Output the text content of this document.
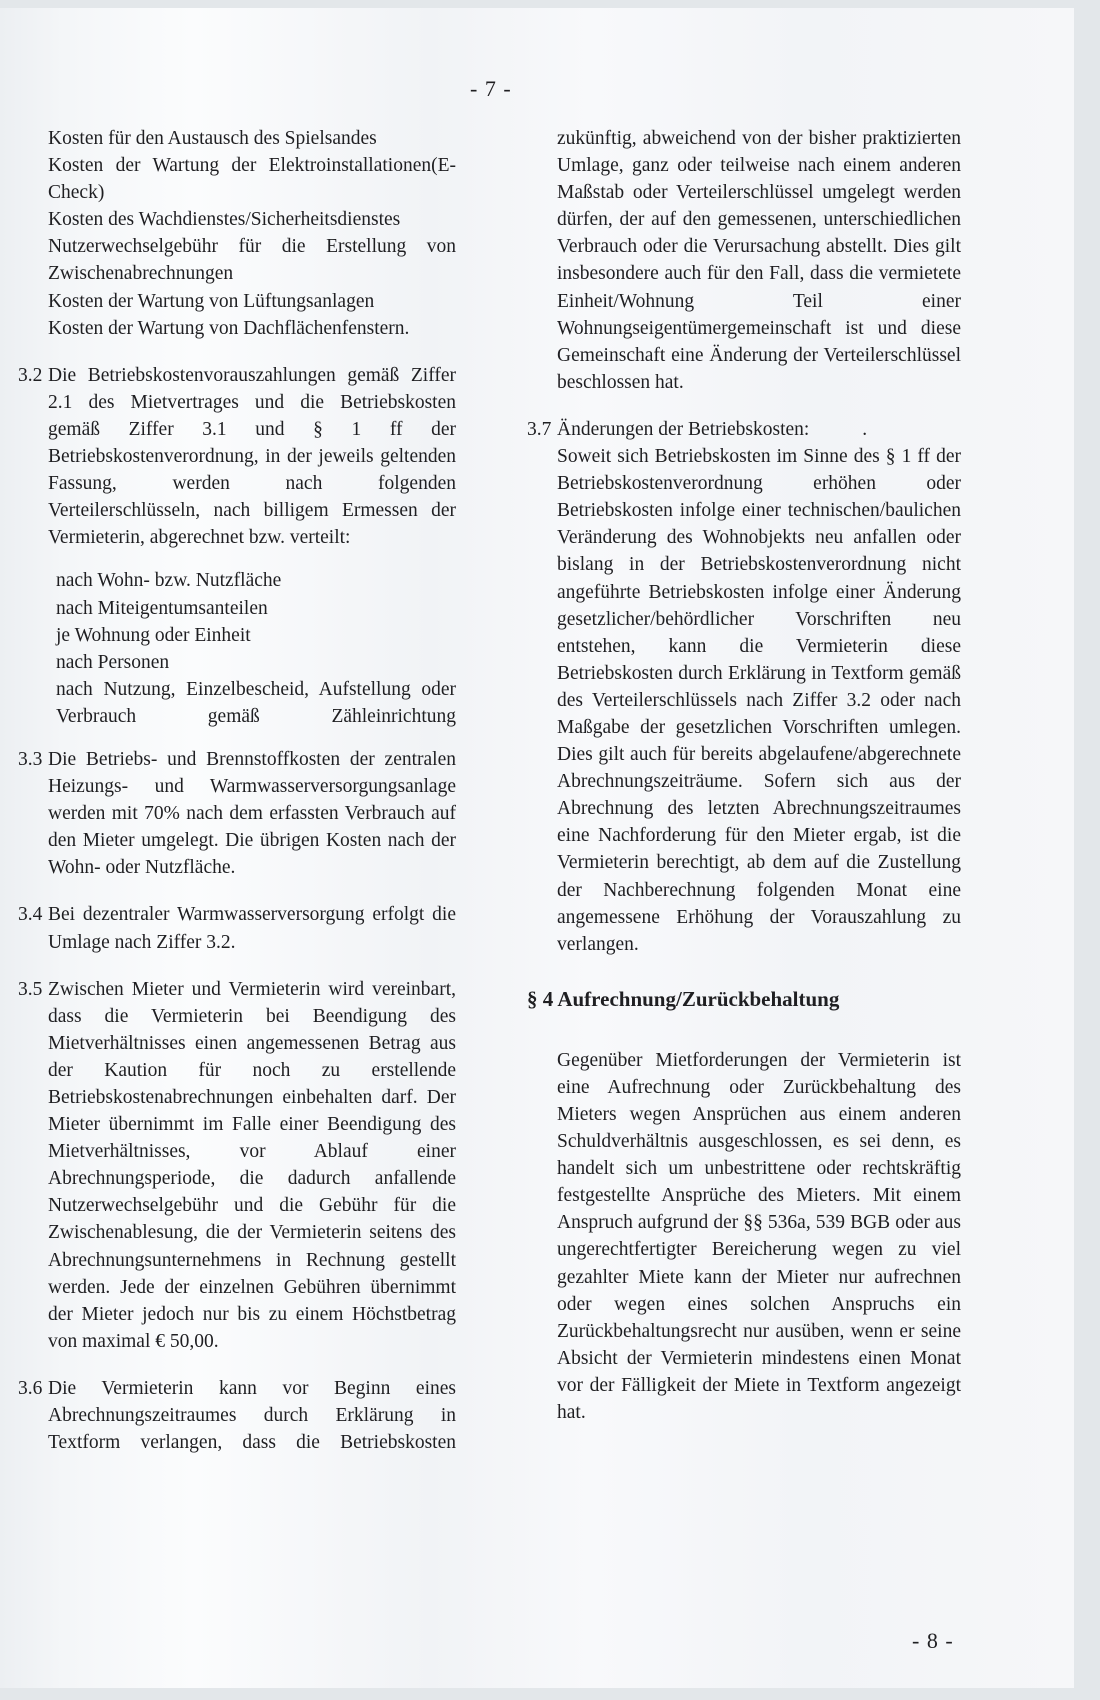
- 7 -
Kosten für den Austausch des Spielsandes
Kosten der Wartung der Elektroinstallationen(E-Check)
Kosten des Wachdienstes/Sicherheitsdienstes
Nutzerwechselgebühr für die Erstellung von Zwischenabrechnungen
Kosten der Wartung von Lüftungsanlagen
Kosten der Wartung von Dachflächenfenstern.
3.2 Die Betriebskostenvorauszahlungen gemäß Ziffer 2.1 des Mietvertrages und die Betriebskosten gemäß Ziffer 3.1 und § 1 ff der Betriebskostenverordnung, in der jeweils geltenden Fassung, werden nach folgenden Verteilerschlüsseln, nach billigem Ermessen der Vermieterin, abgerechnet bzw. verteilt:
nach Wohn- bzw. Nutzfläche
nach Miteigentumsanteilen
je Wohnung oder Einheit
nach Personen
nach Nutzung, Einzelbescheid, Aufstellung oder Verbrauch gemäß Zähleinrichtung
3.3 Die Betriebs- und Brennstoffkosten der zentralen Heizungs- und Warmwasserversorgungsanlage werden mit 70% nach dem erfassten Verbrauch auf den Mieter umgelegt. Die übrigen Kosten nach der Wohn- oder Nutzfläche.
3.4 Bei dezentraler Warmwasserversorgung erfolgt die Umlage nach Ziffer 3.2.
3.5 Zwischen Mieter und Vermieterin wird vereinbart, dass die Vermieterin bei Beendigung des Mietverhältnisses einen angemessenen Betrag aus der Kaution für noch zu erstellende Betriebskostenabrechnungen einbehalten darf. Der Mieter übernimmt im Falle einer Beendigung des Mietverhältnisses, vor Ablauf einer Abrechnungsperiode, die dadurch anfallende Nutzerwechselgebühr und die Gebühr für die Zwischenablesung, die der Vermieterin seitens des Abrechnungsunternehmens in Rechnung gestellt werden. Jede der einzelnen Gebühren übernimmt der Mieter jedoch nur bis zu einem Höchstbetrag von maximal € 50,00.
3.6 Die Vermieterin kann vor Beginn eines Abrechnungszeitraumes durch Erklärung in Textform verlangen, dass die Betriebskosten
zukünftig, abweichend von der bisher praktizierten Umlage, ganz oder teilweise nach einem anderen Maßstab oder Verteilerschlüssel umgelegt werden dürfen, der auf den gemessenen, unterschiedlichen Verbrauch oder die Verursachung abstellt. Dies gilt insbesondere auch für den Fall, dass die vermietete Einheit/Wohnung Teil einer Wohnungseigentümergemeinschaft ist und diese Gemeinschaft eine Änderung der Verteilerschlüssel beschlossen hat.
3.7 Änderungen der Betriebskosten:	.
Soweit sich Betriebskosten im Sinne des § 1 ff der Betriebskostenverordnung erhöhen oder Betriebskosten infolge einer technischen/baulichen Veränderung des Wohnobjekts neu anfallen oder bislang in der Betriebskostenverordnung nicht angeführte Betriebskosten infolge einer Änderung gesetzlicher/behördlicher Vorschriften neu entstehen, kann die Vermieterin diese Betriebskosten durch Erklärung in Textform gemäß des Verteilerschlüssels nach Ziffer 3.2 oder nach Maßgabe der gesetzlichen Vorschriften umlegen. Dies gilt auch für bereits abgelaufene/abgerechnete Abrechnungszeiträume. Sofern sich aus der Abrechnung des letzten Abrechnungszeitraumes eine Nachforderung für den Mieter ergab, ist die Vermieterin berechtigt, ab dem auf die Zustellung der Nachberechnung folgenden Monat eine angemessene Erhöhung der Vorauszahlung zu verlangen.
§ 4 Aufrechnung/Zurückbehaltung
Gegenüber Mietforderungen der Vermieterin ist eine Aufrechnung oder Zurückbehaltung des Mieters wegen Ansprüchen aus einem anderen Schuldverhältnis ausgeschlossen, es sei denn, es handelt sich um unbestrittene oder rechtskräftig festgestellte Ansprüche des Mieters. Mit einem Anspruch aufgrund der §§ 536a, 539 BGB oder aus ungerechtfertigter Bereicherung wegen zu viel gezahlter Miete kann der Mieter nur aufrechnen oder wegen eines solchen Anspruchs ein Zurückbehaltungsrecht nur ausüben, wenn er seine Absicht der Vermieterin mindestens einen Monat vor der Fälligkeit der Miete in Textform angezeigt hat.
- 8 -
